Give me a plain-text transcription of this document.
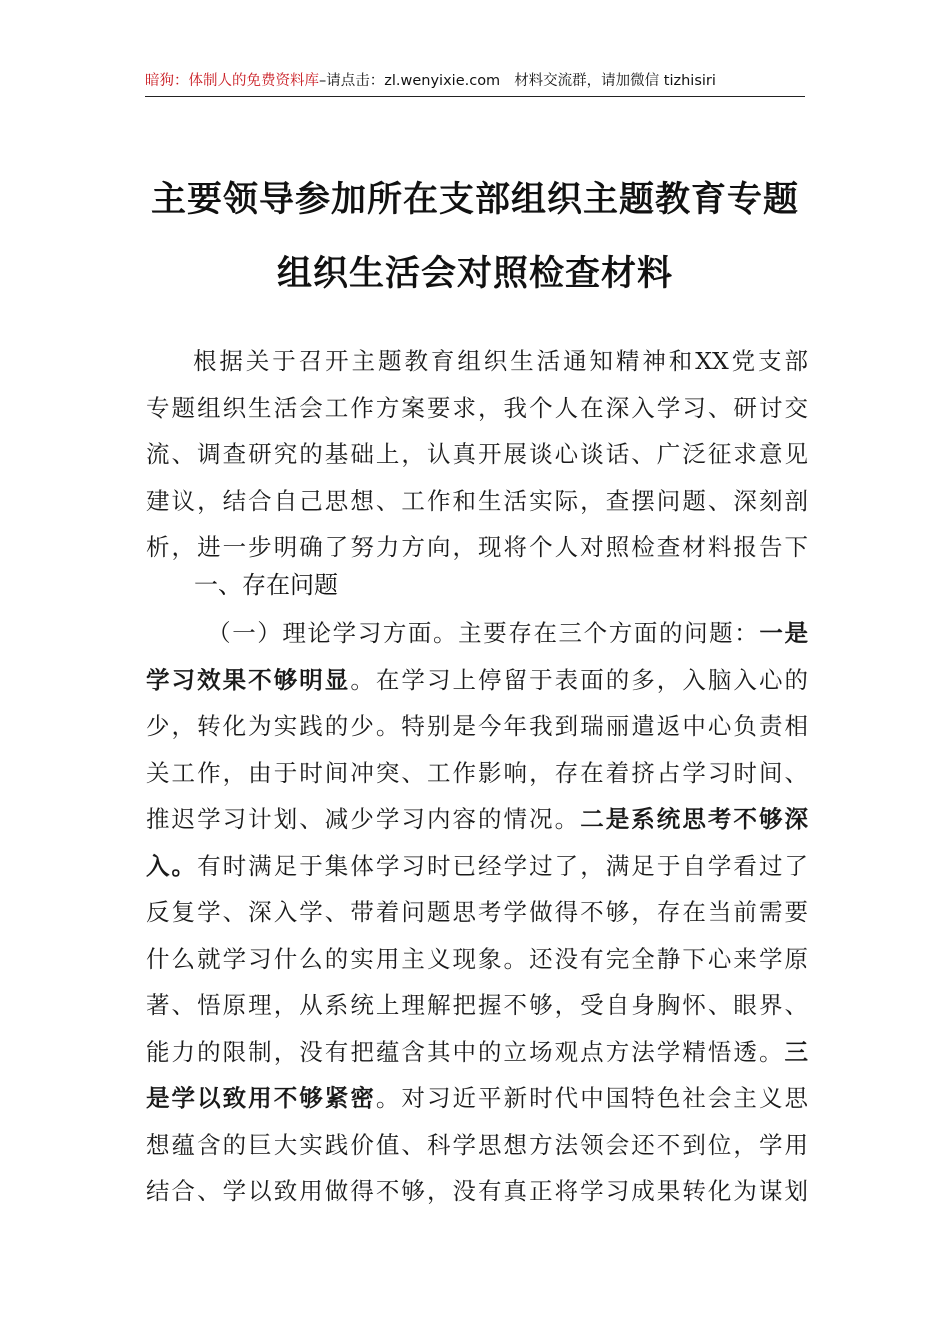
暗狗：体制人的免费资料库–请点击：zl.wenyixie.com 材料交流群，请加微信 tizhisiri
主要领导参加所在支部组织主题教育专题
组织生活会对照检查材料

根据关于召开主题教育组织生活通知精神和XX党支部

专题组织生活会工作方案要求，我个人在深入学习、研讨交

流、调查研究的基础上，认真开展谈心谈话、广泛征求意见

建议，结合自己思想、工作和生活实际，查摆问题、深刻剖

析，进一步明确了努力方向，现将个人对照检查材料报告下

一、存在问题

（一）理论学习方面。主要存在三个方面的问题：一是

学习效果不够明显。在学习上停留于表面的多，入脑入心的

少，转化为实践的少。特别是今年我到瑞丽遣返中心负责相

关工作，由于时间冲突、工作影响，存在着挤占学习时间、

推迟学习计划、减少学习内容的情况。二是系统思考不够深

入。有时满足于集体学习时已经学过了，满足于自学看过了

反复学、深入学、带着问题思考学做得不够，存在当前需要

什么就学习什么的实用主义现象。还没有完全静下心来学原

著、悟原理，从系统上理解把握不够，受自身胸怀、眼界、

能力的限制，没有把蕴含其中的立场观点方法学精悟透。三

是学以致用不够紧密。对习近平新时代中国特色社会主义思

想蕴含的巨大实践价值、科学思想方法领会还不到位，学用

结合、学以致用做得不够，没有真正将学习成果转化为谋划
